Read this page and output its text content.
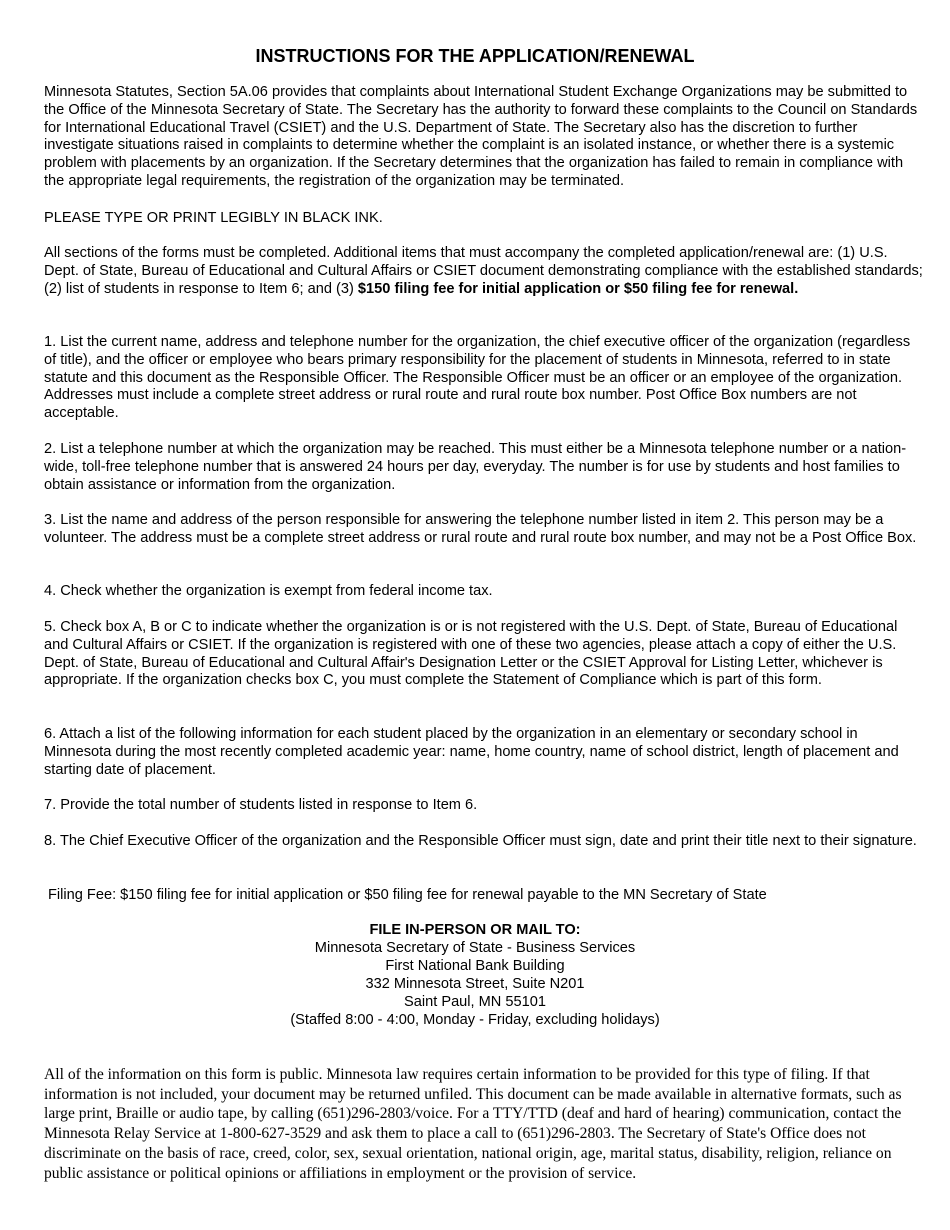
INSTRUCTIONS FOR THE APPLICATION/RENEWAL

Minnesota Statutes, Section 5A.06 provides that complaints about International Student Exchange Organizations may be submitted to the Office of the Minnesota Secretary of State. The Secretary has the authority to forward these complaints to the Council on Standards for International Educational Travel (CSIET) and the U.S. Department of State. The Secretary also has the discretion to further investigate situations raised in complaints to determine whether the complaint is an isolated instance, or whether there is a systemic problem with placements by an organization. If the Secretary determines that the organization has failed to remain in compliance with the appropriate legal requirements, the registration of the organization may be terminated.

PLEASE TYPE OR PRINT LEGIBLY IN BLACK INK.

All sections of the forms must be completed. Additional items that must accompany the completed application/renewal are: (1) U.S. Dept. of State, Bureau of Educational and Cultural Affairs or CSIET document demonstrating compliance with the established standards; (2) list of students in response to Item 6; and (3) $150 filing fee for initial application or $50 filing fee for renewal.

1. List the current name, address and telephone number for the organization, the chief executive officer of the organization (regardless of title), and the officer or employee who bears primary responsibility for the placement of students in Minnesota, referred to in state statute and this document as the Responsible Officer. The Responsible Officer must be an officer or an employee of the organization. Addresses must include a complete street address or rural route and rural route box number. Post Office Box numbers are not acceptable.

2. List a telephone number at which the organization may be reached. This must either be a Minnesota telephone number or a nation-wide, toll-free telephone number that is answered 24 hours per day, everyday. The number is for use by students and host families to obtain assistance or information from the organization.

3. List the name and address of the person responsible for answering the telephone number listed in item 2. This person may be a volunteer. The address must be a complete street address or rural route and rural route box number, and may not be a Post Office Box.

4. Check whether the organization is exempt from federal income tax.

5. Check box A, B or C to indicate whether the organization is or is not registered with the U.S. Dept. of State, Bureau of Educational and Cultural Affairs or CSIET. If the organization is registered with one of these two agencies, please attach a copy of either the U.S. Dept. of State, Bureau of Educational and Cultural Affair's Designation Letter or the CSIET Approval for Listing Letter, whichever is appropriate. If the organization checks box C, you must complete the Statement of Compliance which is part of this form.

6. Attach a list of the following information for each student placed by the organization in an elementary or secondary school in Minnesota during the most recently completed academic year: name, home country, name of school district, length of placement and starting date of placement.

7. Provide the total number of students listed in response to Item 6.

8. The Chief Executive Officer of the organization and the Responsible Officer must sign, date and print their title next to their signature.

Filing Fee: $150 filing fee for initial application or $50 filing fee for renewal payable to the MN Secretary of State

FILE IN-PERSON OR MAIL TO:
Minnesota Secretary of State - Business Services
First National Bank Building
332 Minnesota Street, Suite N201
Saint Paul, MN 55101
(Staffed 8:00 - 4:00, Monday - Friday, excluding holidays)

All of the information on this form is public. Minnesota law requires certain information to be provided for this type of filing. If that information is not included, your document may be returned unfiled. This document can be made available in alternative formats, such as large print, Braille or audio tape, by calling (651)296-2803/voice. For a TTY/TTD (deaf and hard of hearing) communication, contact the Minnesota Relay Service at 1-800-627-3529 and ask them to place a call to (651)296-2803. The Secretary of State's Office does not discriminate on the basis of race, creed, color, sex, sexual orientation, national origin, age, marital status, disability, religion, reliance on public assistance or political opinions or affiliations in employment or the provision of service.
